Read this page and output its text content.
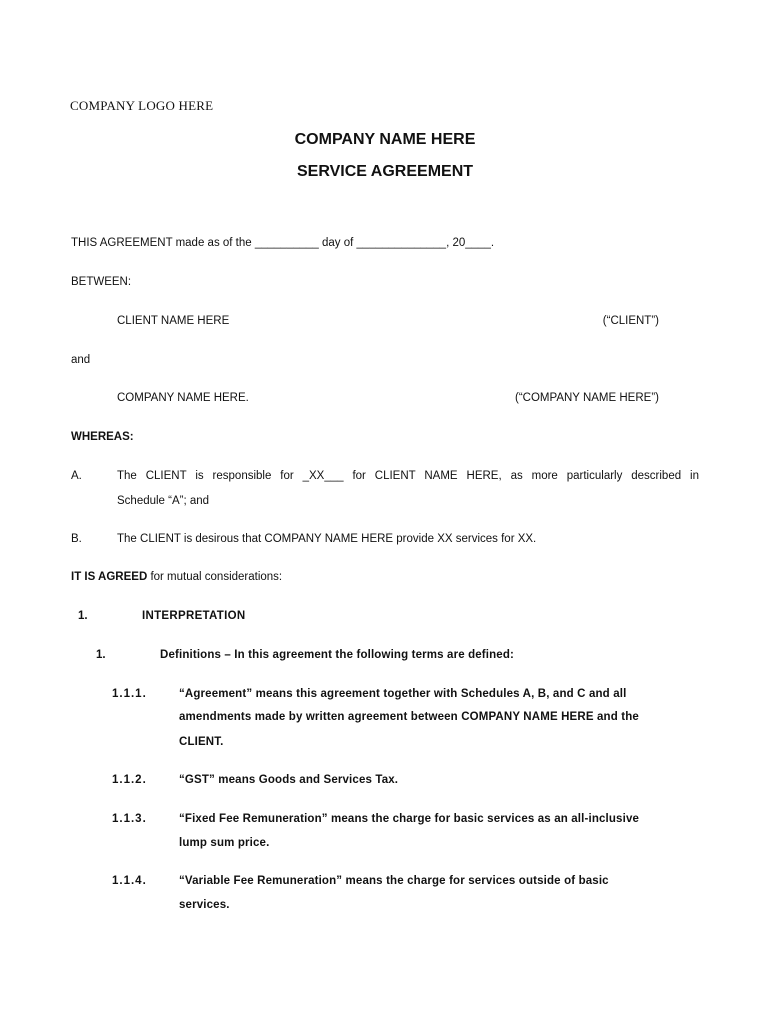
COMPANY LOGO HERE
COMPANY NAME HERE
SERVICE AGREEMENT
THIS AGREEMENT made as of the __________ day of ______________, 20____.
BETWEEN:
CLIENT NAME HERE	(“CLIENT”)
and
COMPANY NAME HERE.	(“COMPANY NAME HERE”)
WHEREAS:
A.	The CLIENT is responsible for _XX___ for CLIENT NAME HERE, as more particularly described in
Schedule “A”; and
B.	The CLIENT is desirous that COMPANY NAME HERE provide XX services for XX.
IT IS AGREED for mutual considerations:
1.	INTERPRETATION
1.	Definitions – In this agreement the following terms are defined:
1.1.1.	“Agreement” means this agreement together with Schedules A, B, and C and all
amendments made by written agreement between COMPANY NAME HERE and the
CLIENT.
1.1.2.	“GST” means Goods and Services Tax.
1.1.3.	“Fixed Fee Remuneration” means the charge for basic services as an all-inclusive
lump sum price.
1.1.4.	“Variable Fee Remuneration” means the charge for services outside of basic
services.
